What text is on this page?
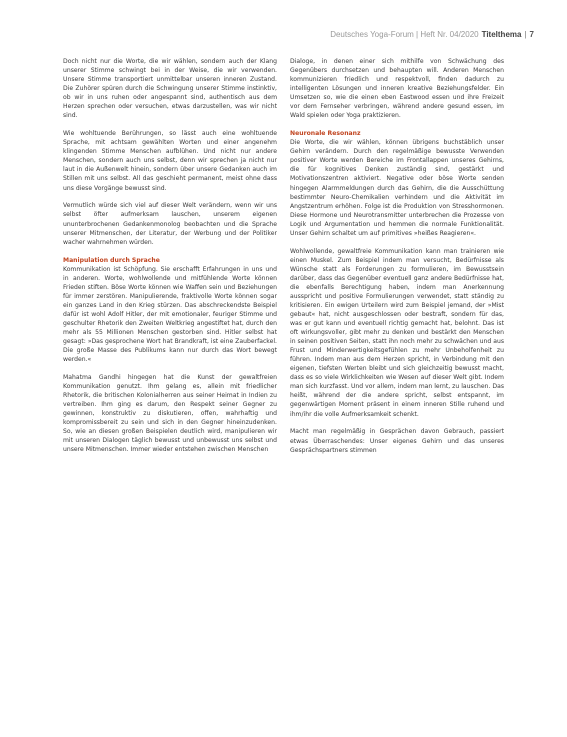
Deutsches Yoga-Forum | Heft Nr. 04/2020 Titelthema | 7

Doch nicht nur die Worte, die wir wählen, sondern auch der Klang unserer Stimme schwingt bei in der Weise, die wir verwenden. Unsere Stimme transportiert unmittelbar unseren inneren Zustand. Die Zuhörer spüren durch die Schwingung unserer Stimme instinktiv, ob wir in uns ruhen oder angespannt sind, authentisch aus dem Herzen sprechen oder versuchen, etwas darzustellen, was wir nicht sind.

Wie wohltuende Berührungen, so lässt auch eine wohltuende Sprache, mit achtsam gewählten Worten und einer angenehm klingenden Stimme Menschen aufblühen. Und nicht nur andere Menschen, sondern auch uns selbst, denn wir sprechen ja nicht nur laut in die Außenwelt hinein, sondern über unsere Gedanken auch im Stillen mit uns selbst. All das geschieht permanent, meist ohne dass uns diese Vorgänge bewusst sind.

Vermutlich würde sich viel auf dieser Welt verändern, wenn wir uns selbst öfter aufmerksam lauschen, unserem eigenen ununterbrochenen Gedankenmonolog beobachten und die Sprache unserer Mitmenschen, der Literatur, der Werbung und der Politiker wacher wahrnehmen würden.

Manipulation durch Sprache

Kommunikation ist Schöpfung. Sie erschafft Erfahrungen in uns und in anderen. Worte, wohlwollende und mitfühlende Worte können Frieden stiften. Böse Worte können wie Waffen sein und Beziehungen für immer zerstören. Manipulierende, fraktivolle Worte können sogar ein ganzes Land in den Krieg stürzen. Das abschreckendste Beispiel dafür ist wohl Adolf Hitler, der mit emotionaler, feuriger Stimme und geschulter Rhetorik den Zweiten Weltkrieg angestiftet hat, durch den mehr als 55 Millionen Menschen gestorben sind. Hitler selbst hat gesagt: »Das gesprochene Wort hat Brandkraft, ist eine Zauberfackel. Die große Masse des Publikums kann nur durch das Wort bewegt werden.«

Mahatma Gandhi hingegen hat die Kunst der gewaltfreien Kommunikation genutzt. Ihm gelang es, allein mit friedlicher Rhetorik, die britischen Kolonialherren aus seiner Heimat in Indien zu vertreiben. Ihm ging es darum, den Respekt seiner Gegner zu gewinnen, konstruktiv zu diskutieren, offen, wahrhaftig und kompromissbereit zu sein und sich in den Gegner hineinzudenken. So, wie an diesen großen Beispielen deutlich wird, manipulieren wir mit unseren Dialogen täglich bewusst und unbewusst uns selbst und unsere Mitmenschen. Immer wieder entstehen zwischen Menschen

Dialoge, in denen einer sich mithilfe von Schwächung des Gegenübers durchsetzen und behaupten will. Anderen Menschen kommunizieren friedlich und respektvoll, finden dadurch zu intelligenten Lösungen und inneren kreative Beziehungsfelder. Ein Umsetzen so, wie die einen eben Eastwood essen und ihre Freizeit vor dem Fernseher verbringen, während andere gesund essen, im Wald spielen oder Yoga praktizieren.

Neuronale Resonanz

Die Worte, die wir wählen, können übrigens buchstäblich unser Gehirn verändern. Durch den regelmäßige bewusste Verwenden positiver Worte werden Bereiche im Frontallappen unseres Gehirns, die für kognitives Denken zuständig sind, gestärkt und Motivationszentren aktiviert. Negative oder böse Worte senden hingegen Alarmmeldungen durch das Gehirn, die die Ausschüttung bestimmter Neuro-Chemikalien verhindern und die Aktivität im Angstzentrum erhöhen. Folge ist die Produktion von Stresshormonen. Diese Hormone und Neurotransmitter unterbrechen die Prozesse von Logik und Argumentation und hemmen die normale Funktionalität. Unser Gehirn schaltet um auf primitives »heißes Reagieren«.

Wohlwollende, gewaltfreie Kommunikation kann man trainieren wie einen Muskel. Zum Beispiel indem man versucht, Bedürfnisse als Wünsche statt als Forderungen zu formulieren, im Bewusstsein darüber, dass das Gegenüber eventuell ganz andere Bedürfnisse hat, die ebenfalls Berechtigung haben, indem man Anerkennung ausspricht und positive Formulierungen verwendet, statt ständig zu kritisieren. Ein ewigen Urteilern wird zum Beispiel jemand, der »Mist gebaut« hat, nicht ausgeschlossen oder bestraft, sondern für das, was er gut kann und eventuell richtig gemacht hat, belohnt. Das ist oft wirkungsvoller, gibt mehr zu denken und bestärkt den Menschen in seinen positiven Seiten, statt ihn noch mehr zu schwächen und aus Frust und Minderwertigkeitsgefühlen zu mehr Unbeholfenheit zu führen. Indem man aus dem Herzen spricht, in Verbindung mit den eigenen, tiefsten Werten bleibt und sich gleichzeitig bewusst macht, dass es so viele Wirklichkeiten wie Wesen auf dieser Welt gibt. Indem man sich kurzfasst. Und vor allem, indem man lernt, zu lauschen. Das heißt, während der die andere spricht, selbst entspannt, im gegenwärtigen Moment präsent in einem inneren Stille ruhend und ihm/ihr die volle Aufmerksamkeit schenkt.

Macht man regelmäßig in Gesprächen davon Gebrauch, passiert etwas Überraschendes: Unser eigenes Gehirn und das unseres Gesprächspartners stimmen
